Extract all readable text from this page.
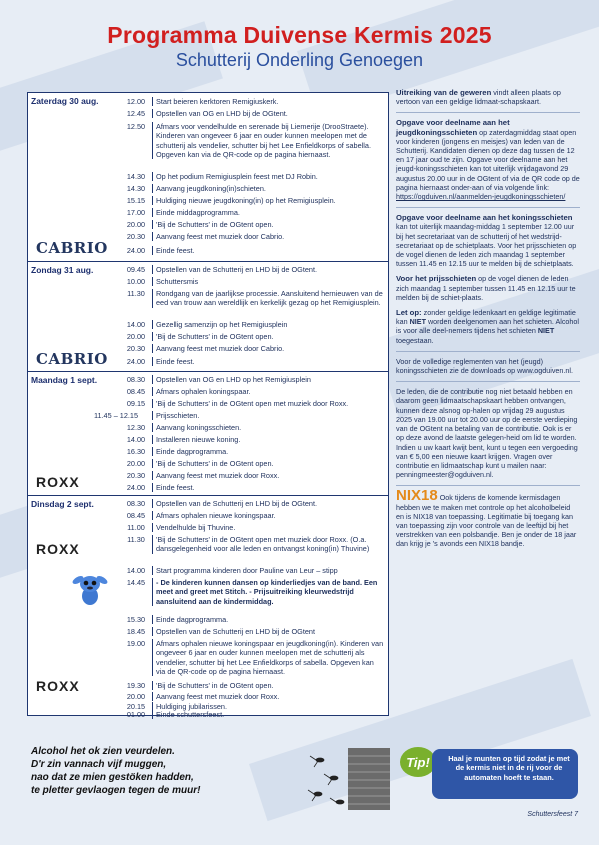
Programma Duivense Kermis 2025
Schutterij Onderling Genoegen
Zaterdag 30 aug.
CABRIO
12.00	Start beieren kerktoren Remigiuskerk.
12.45	Opstellen van OG en LHD bij de OGtent.
12.50	Afmars voor vendelhulde en serenade bij Liemerije (DrooStraete). Kinderen van ongeveer 6 jaar en ouder kunnen meelopen met de schutterij als vendelier, schutter bij het Lee Enfieldkorps of sabella. Opgeven kan via de QR-code op de pagina hiernaast.
14.30	Op het podium Remigiusplein feest met DJ Robin.
14.30	Aanvang jeugdkoning(in)schieten.
15.15	Huldiging nieuwe jeugdkoning(in) op het Remigiusplein.
17.00	Einde middagprogramma.
20.00	'Bij de Schutters' in de OGtent open.
20.30	Aanvang feest met muziek door Cabrio.
24.00	Einde feest.
Zondag 31 aug.
CABRIO
09.45	Opstellen van de Schutterij en LHD bij de OGtent.
10.00	Schuttersmis
11.30	Rondgang van de jaarlijkse processie. Aansluitend hernieuwen van de eed van trouw aan wereldlijk en kerkelijk gezag op het Remigiusplein.
14.00	Gezellig samenzijn op het Remigiusplein
20.00	'Bij de Schutters' in de OGtent open.
20.30	Aanvang feest met muziek door Cabrio.
24.00	Einde feest.
Maandag 1 sept.
ROXX

08.30	Opstellen van OG en LHD op het Remigiusplein
08.45	Afmars ophalen koningspaar.
09.15	'Bij de Schutters' in de OGtent open met muziek door Roxx.
11.45 – 12.15	Prijsschieten.
12.30	Aanvang koningsschieten.
14.00	Installeren nieuwe koning.
16.30	Einde dagprogramma.
20.00	'Bij de Schutters' in de OGtent open.
20.30	Aanvang feest met muziek door Roxx.
24.00	Einde feest.
Dinsdag 2 sept.
ROXX
ROXX
08.30	Opstellen van de Schutterij en LHD bij de OGtent.
08.45	Afmars ophalen nieuwe koningspaar.
11.00	Vendelhulde bij Thuvine.
11.30	'Bij de Schutters' in de OGtent open met muziek door Roxx. (O.a. dansgelegenheid voor alle leden en ontvangst koning(in) Thuvine)
14.00	Start programma kinderen door Pauline van Leur – stipp
14.45	- De kinderen kunnen dansen op kinderliedjes van de band. Een meet and greet met Stitch. - Prijsuitreiking kleurwedstrijd aansluitend aan de kindermiddag.
15.30	Einde dagprogramma.
18.45	Opstellen van de Schutterij en LHD bij de OGtent
19.00	Afmars ophalen nieuwe koningspaar en jeugdkoning(in). Kinderen van ongeveer 6 jaar en ouder kunnen meelopen met de schutterij als vendelier, schutter bij het Lee Enfieldkorps of sabella. Opgeven kan via de QR-code op de pagina hiernaast.
19.30	'Bij de Schutters' in de OGtent open.
20.00	Aanvang feest met muziek door Roxx.
20.15	Huldiging jubilarissen.
01.00	Einde schuttersfeest.

Uitreiking van de geweren vindt alleen plaats op vertoon van een geldige lidmaat-schapskaart.

Opgave voor deelname aan het jeugdkoningsschieten op zaterdagmiddag staat open voor kinderen (jongens en meisjes) van leden van de Schutterij. Kandidaten dienen op deze dag tussen de 12 en 17 jaar oud te zijn. Opgave voor deelname aan het jeugd-koningsschieten kan tot uiterlijk vrijdagavond 29 augustus 20.00 uur in de OGtent of via de QR code op de pagina hiernaast onder-aan of via volgende link: https://ogduiven.nl/aanmelden-jeugdkoningsschieten/

Opgave voor deelname aan het koningsschieten kan tot uiterlijk maandag-middag 1 september 12.00 uur bij het secretariaat van de schutterij of het wedstrijd-secretariaat op de schietplaats. Voor het prijsschieten op de vogel dienen de leden zich maandag 1 september tussen 11.45 en 12.15 uur te melden bij de schietplaats.

Voor het prijsschieten op de vogel dienen de leden zich maandag 1 september tussen 11.45 en 12.15 uur te melden bij de schiet-plaats.

Let op: zonder geldige ledenkaart en geldige legitimatie kan NIET worden deelgenomen aan het schieten. Alcohol is voor alle deel-nemers tijdens het schieten NIET toegestaan.

Voor de volledige reglementen van het (jeugd) koningsschieten zie de downloads op www.ogduiven.nl.

De leden, die de contributie nog niet betaald hebben en daarom geen lidmaatschapskaart hebben ontvangen, kunnen deze alsnog op-halen op vrijdag 29 augustus 2025 van 19.00 uur tot 20.00 uur op de eerste verdieping van de OGtent na betaling van de contributie. Ook is er op deze avond de laatste gelegen-heid om lid te worden. Indien u uw kaart kwijt bent, kunt u tegen een vergoeding van € 5,00 een nieuwe kaart krijgen. Vragen over contributie en lidmaatschap kunt u mailen naar: penningmeester@ogduiven.nl.

NIX18 Ook tijdens de komende kermisdagen hebben we te maken met controle op het alcoholbeleid en is NIX18 van toepassing. Legitimatie bij toegang kan van toepassing zijn voor controle van de leeftijd bij het verstrekken van een polsbandje. Ben je onder de 18 jaar dan krijg je 's avonds een NIX18 bandje.

Alcohol het ok zien veurdelen.
D'r zin vannach vijf muggen,
nao dat ze mien gestöken hadden,
te pletter gevlaogen tegen de muur!
Tip!	Haal je munten op tijd zodat je met de kermis niet in de rij voor de automaten hoeft te staan.
Schuttersfeest 7
